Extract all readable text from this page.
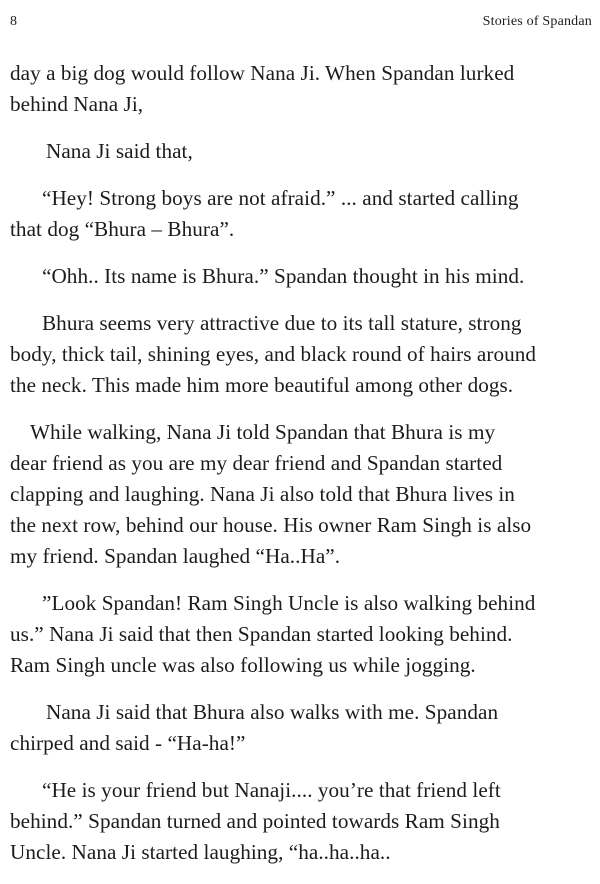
8	Stories of Spandan

day a big dog would follow Nana Ji. When Spandan lurked
behind Nana Ji,

Nana Ji said that,

“Hey! Strong boys are not afraid.” ... and started calling
that dog “Bhura – Bhura”.

“Ohh.. Its name is Bhura.” Spandan thought in his mind.

Bhura seems very attractive due to its tall stature, strong
body, thick tail, shining eyes, and black round of hairs around
the neck. This made him more beautiful among other dogs.

While walking, Nana Ji told Spandan that Bhura is my
dear friend as you are my dear friend and Spandan started
clapping and laughing. Nana Ji also told that Bhura lives in
the next row, behind our house. His owner Ram Singh is also
my friend. Spandan laughed “Ha..Ha”.

”Look Spandan! Ram Singh Uncle is also walking behind
us.” Nana Ji said that then Spandan started looking behind.
Ram Singh uncle was also following us while jogging.

Nana Ji said that Bhura also walks with me. Spandan
chirped and said - “Ha-ha!”

“He is your friend but Nanaji.... you’re that friend left
behind.” Spandan turned and pointed towards Ram Singh
Uncle. Nana Ji started laughing, “ha..ha..ha..
